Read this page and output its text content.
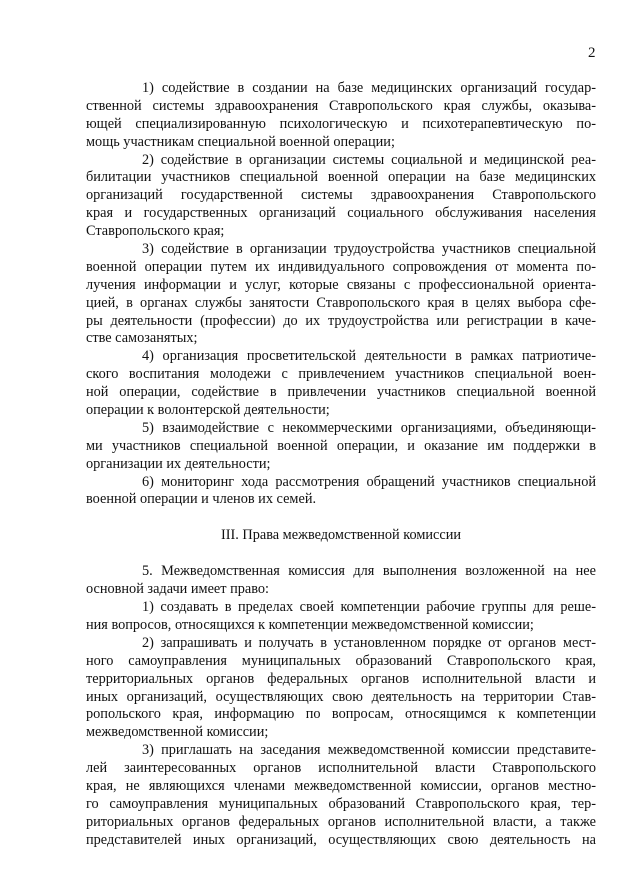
2
1) содействие в создании на базе медицинских организаций государ-
ственной системы здравоохранения Ставропольского края службы, оказыва-
ющей специализированную психологическую и психотерапевтическую по-
мощь участникам специальной военной операции;
2) содействие в организации системы социальной и медицинской реа-
билитации участников специальной военной операции на базе медицинских
организаций государственной системы здравоохранения Ставропольского
края и государственных организаций социального обслуживания населения
Ставропольского края;
3) содействие в организации трудоустройства участников специальной
военной операции путем их индивидуального сопровождения от момента по-
лучения информации и услуг, которые связаны с профессиональной ориента-
цией, в органах службы занятости Ставропольского края в целях выбора сфе-
ры деятельности (профессии) до их трудоустройства или регистрации в каче-
стве самозанятых;
4) организация просветительской деятельности в рамках патриотиче-
ского воспитания молодежи с привлечением участников специальной воен-
ной операции, содействие в привлечении участников специальной военной
операции к волонтерской деятельности;
5) взаимодействие с некоммерческими организациями, объединяющи-
ми участников специальной военной операции, и оказание им поддержки в
организации их деятельности;
6) мониторинг хода рассмотрения обращений участников специальной
военной операции и членов их семей.
III. Права межведомственной комиссии
5. Межведомственная комиссия для выполнения возложенной на нее
основной задачи имеет право:
1) создавать в пределах своей компетенции рабочие группы для реше-
ния вопросов, относящихся к компетенции межведомственной комиссии;
2) запрашивать и получать в установленном порядке от органов мест-
ного самоуправления муниципальных образований Ставропольского края,
территориальных органов федеральных органов исполнительной власти и
иных организаций, осуществляющих свою деятельность на территории Став-
ропольского края, информацию по вопросам, относящимся к компетенции
межведомственной комиссии;
3) приглашать на заседания межведомственной комиссии представите-
лей заинтересованных органов исполнительной власти Ставропольского
края, не являющихся членами межведомственной комиссии, органов местно-
го самоуправления муниципальных образований Ставропольского края, тер-
риториальных органов федеральных органов исполнительной власти, а также
представителей иных организаций, осуществляющих свою деятельность на
